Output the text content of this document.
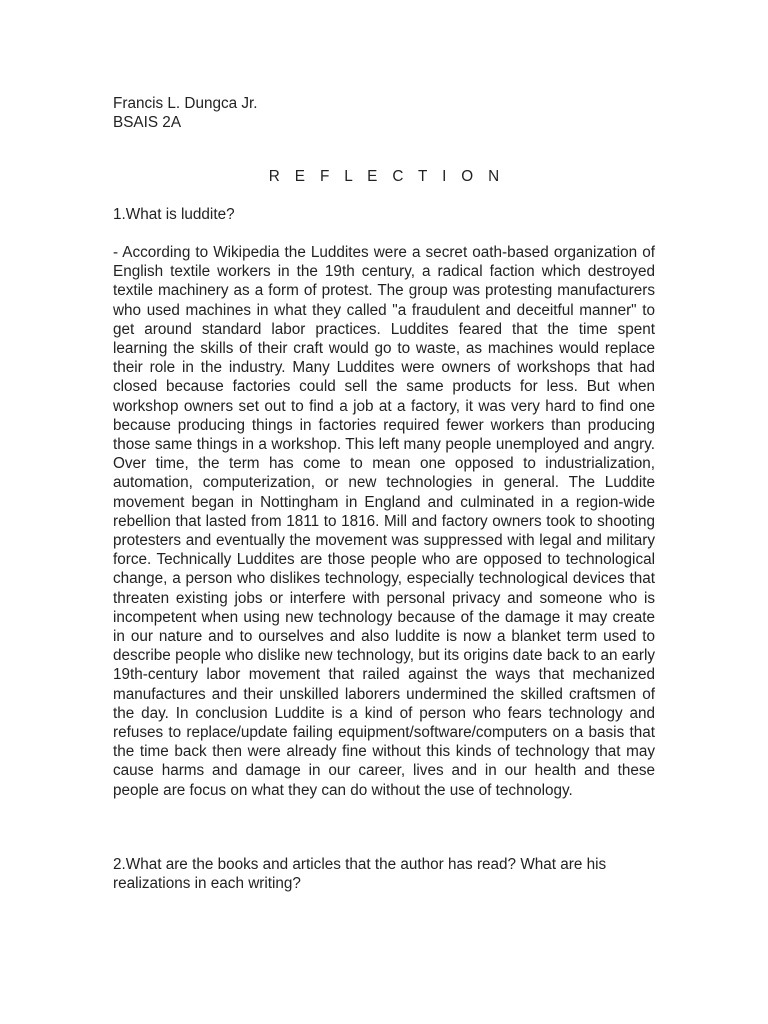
Francis L. Dungca Jr.
BSAIS 2A
R E F L E C T I O N

1.What is luddite?

- According to Wikipedia the Luddites were a secret oath-based organization of English textile workers in the 19th century, a radical faction which destroyed textile machinery as a form of protest. The group was protesting manufacturers who used machines in what they called "a fraudulent and deceitful manner" to get around standard labor practices. Luddites feared that the time spent learning the skills of their craft would go to waste, as machines would replace their role in the industry. Many Luddites were owners of workshops that had closed because factories could sell the same products for less. But when workshop owners set out to find a job at a factory, it was very hard to find one because producing things in factories required fewer workers than producing those same things in a workshop. This left many people unemployed and angry. Over time, the term has come to mean one opposed to industrialization, automation, computerization, or new technologies in general. The Luddite movement began in Nottingham in England and culminated in a region-wide rebellion that lasted from 1811 to 1816. Mill and factory owners took to shooting protesters and eventually the movement was suppressed with legal and military force. Technically Luddites are those people who are opposed to technological change, a person who dislikes technology, especially technological devices that threaten existing jobs or interfere with personal privacy and someone who is incompetent when using new technology because of the damage it may create in our nature and to ourselves and also luddite is now a blanket term used to describe people who dislike new technology, but its origins date back to an early 19th-century labor movement that railed against the ways that mechanized manufactures and their unskilled laborers undermined the skilled craftsmen of the day. In conclusion Luddite is a kind of person who fears technology and refuses to replace/update failing equipment/software/computers on a basis that the time back then were already fine without this kinds of technology that may cause harms and damage in our career, lives and in our health and these people are focus on what they can do without the use of technology.

2.What are the books and articles that the author has read? What are his realizations in each writing?
